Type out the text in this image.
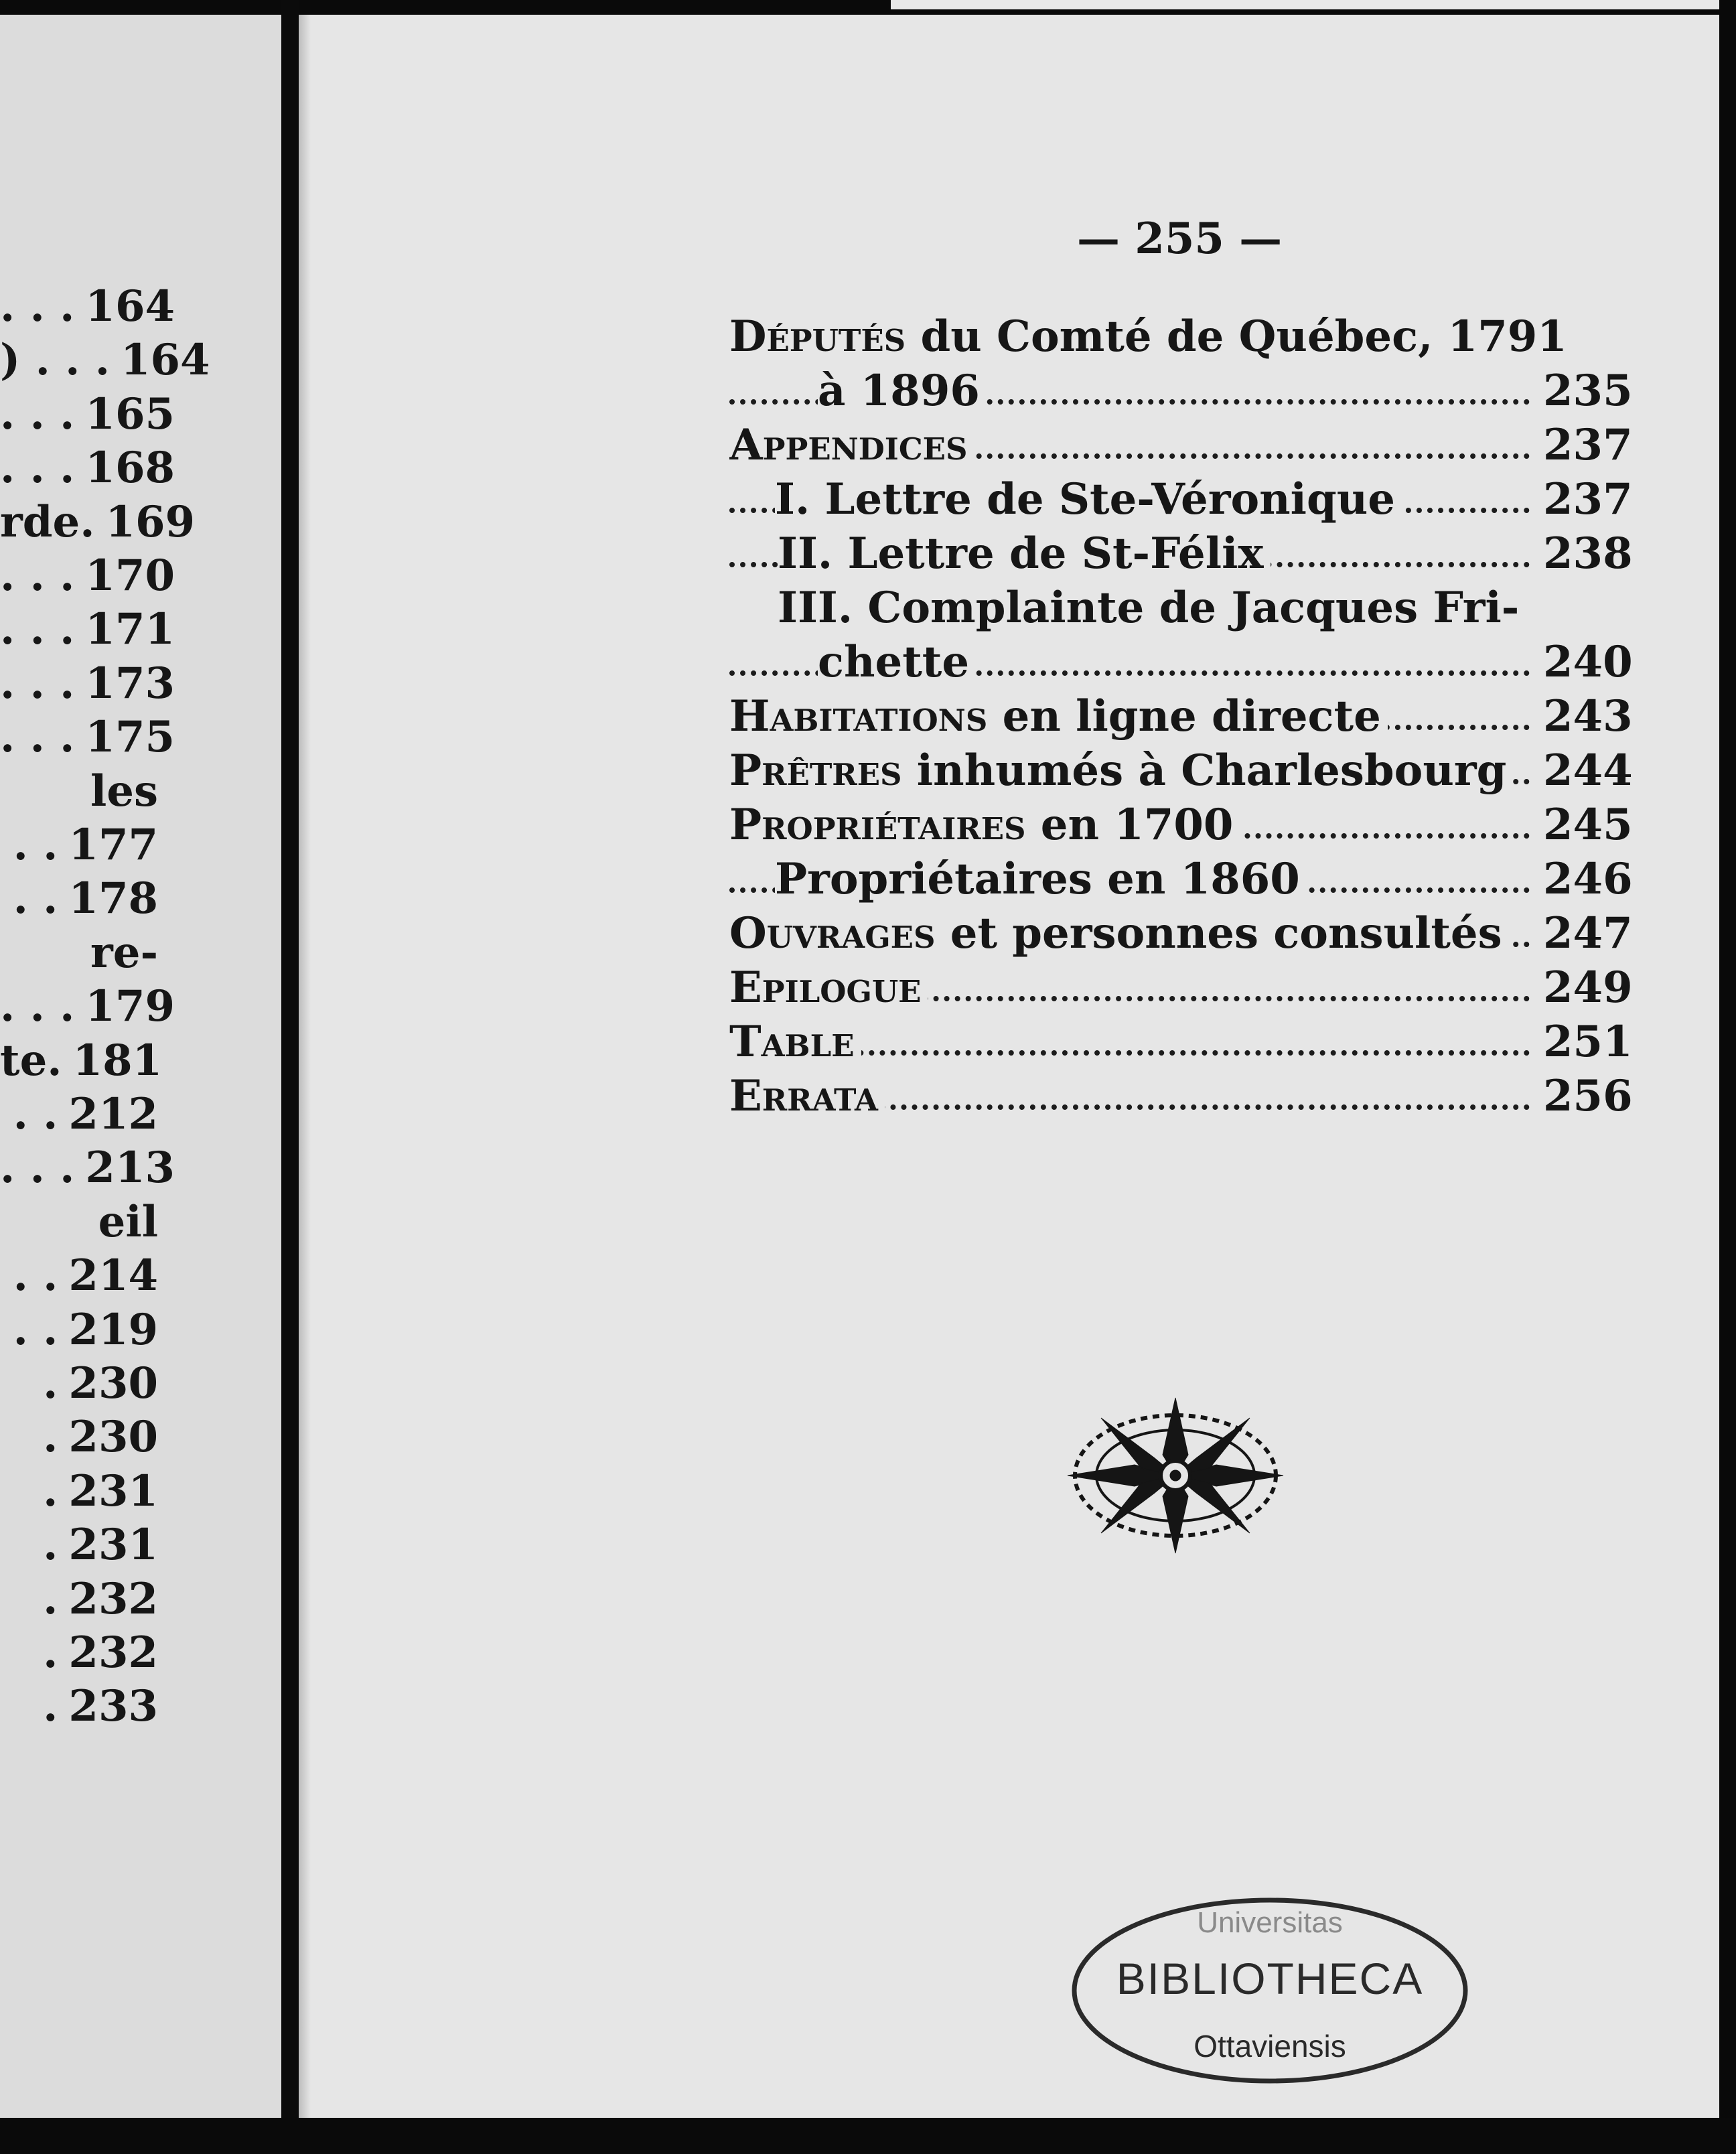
. . . 164
) . . . 164
. . . 165
. . . 168
rde. 169
. . . 170
. . . 171
. . . 173
. . . 175
les
. . 177
. . 178
re-
. . . 179
te. 181
. . 212
. . . 213
eil
. . 214
. . 219
. 230
. 230
. 231
. 231
. 232
. 232
. 233
— 255 —
Députés du Comté de Québec, 1791
à 1896	235
Appendices	237
I. Lettre de Ste-Véronique	237
II. Lettre de St-Félix	238
III. Complainte de Jacques Fri-
chette	240
Habitations en ligne directe	243
Prêtres inhumés à Charlesbourg 244
Propriétaires en 1700	245
Propriétaires en 1860	246
Ouvrages et personnes consultés 247
Epilogue	249
Table	251
Errata	256
Universitas
BIBLIOTHECA
Ottaviensis
